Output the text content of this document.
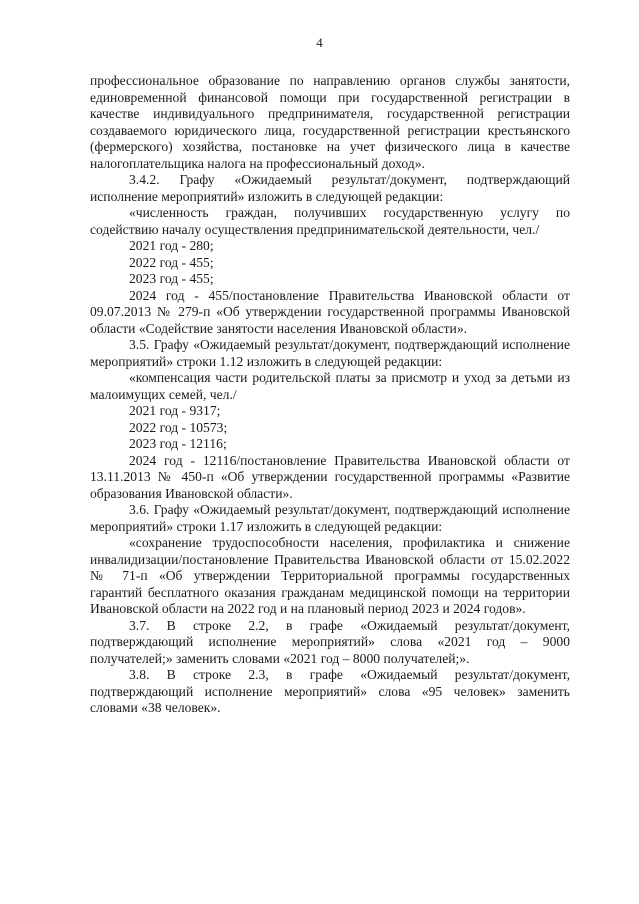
4

профессиональное образование по направлению органов службы занятости, единовременной финансовой помощи при государственной регистрации в качестве индивидуального предпринимателя, государственной регистрации создаваемого юридического лица, государственной регистрации крестьянского (фермерского) хозяйства, постановке на учет физического лица в качестве налогоплательщика налога на профессиональный доход».

3.4.2. Графу «Ожидаемый результат/документ, подтверждающий исполнение мероприятий» изложить в следующей редакции:

«численность граждан, получивших государственную услугу по содействию началу осуществления предпринимательской деятельности, чел./

2021 год - 280;

2022 год - 455;

2023 год - 455;

2024 год - 455/постановление Правительства Ивановской области от 09.07.2013 № 279-п «Об утверждении государственной программы Ивановской области «Содействие занятости населения Ивановской области».

3.5. Графу «Ожидаемый результат/документ, подтверждающий исполнение мероприятий» строки 1.12 изложить в следующей редакции:

«компенсация части родительской платы за присмотр и уход за детьми из малоимущих семей, чел./

2021 год - 9317;

2022 год - 10573;

2023 год - 12116;

2024 год - 12116/постановление Правительства Ивановской области от 13.11.2013 № 450-п «Об утверждении государственной программы «Развитие образования Ивановской области».

3.6. Графу «Ожидаемый результат/документ, подтверждающий исполнение мероприятий» строки 1.17 изложить в следующей редакции:

«сохранение трудоспособности населения, профилактика и снижение инвалидизации/постановление Правительства Ивановской области от 15.02.2022 № 71-п «Об утверждении Территориальной программы государственных гарантий бесплатного оказания гражданам медицинской помощи на территории Ивановской области на 2022 год и на плановый период 2023 и 2024 годов».

3.7. В строке 2.2, в графе «Ожидаемый результат/документ, подтверждающий исполнение мероприятий» слова «2021 год – 9000 получателей;» заменить словами «2021 год – 8000 получателей;».

3.8. В строке 2.3, в графе «Ожидаемый результат/документ, подтверждающий исполнение мероприятий» слова «95 человек» заменить словами «38 человек».
